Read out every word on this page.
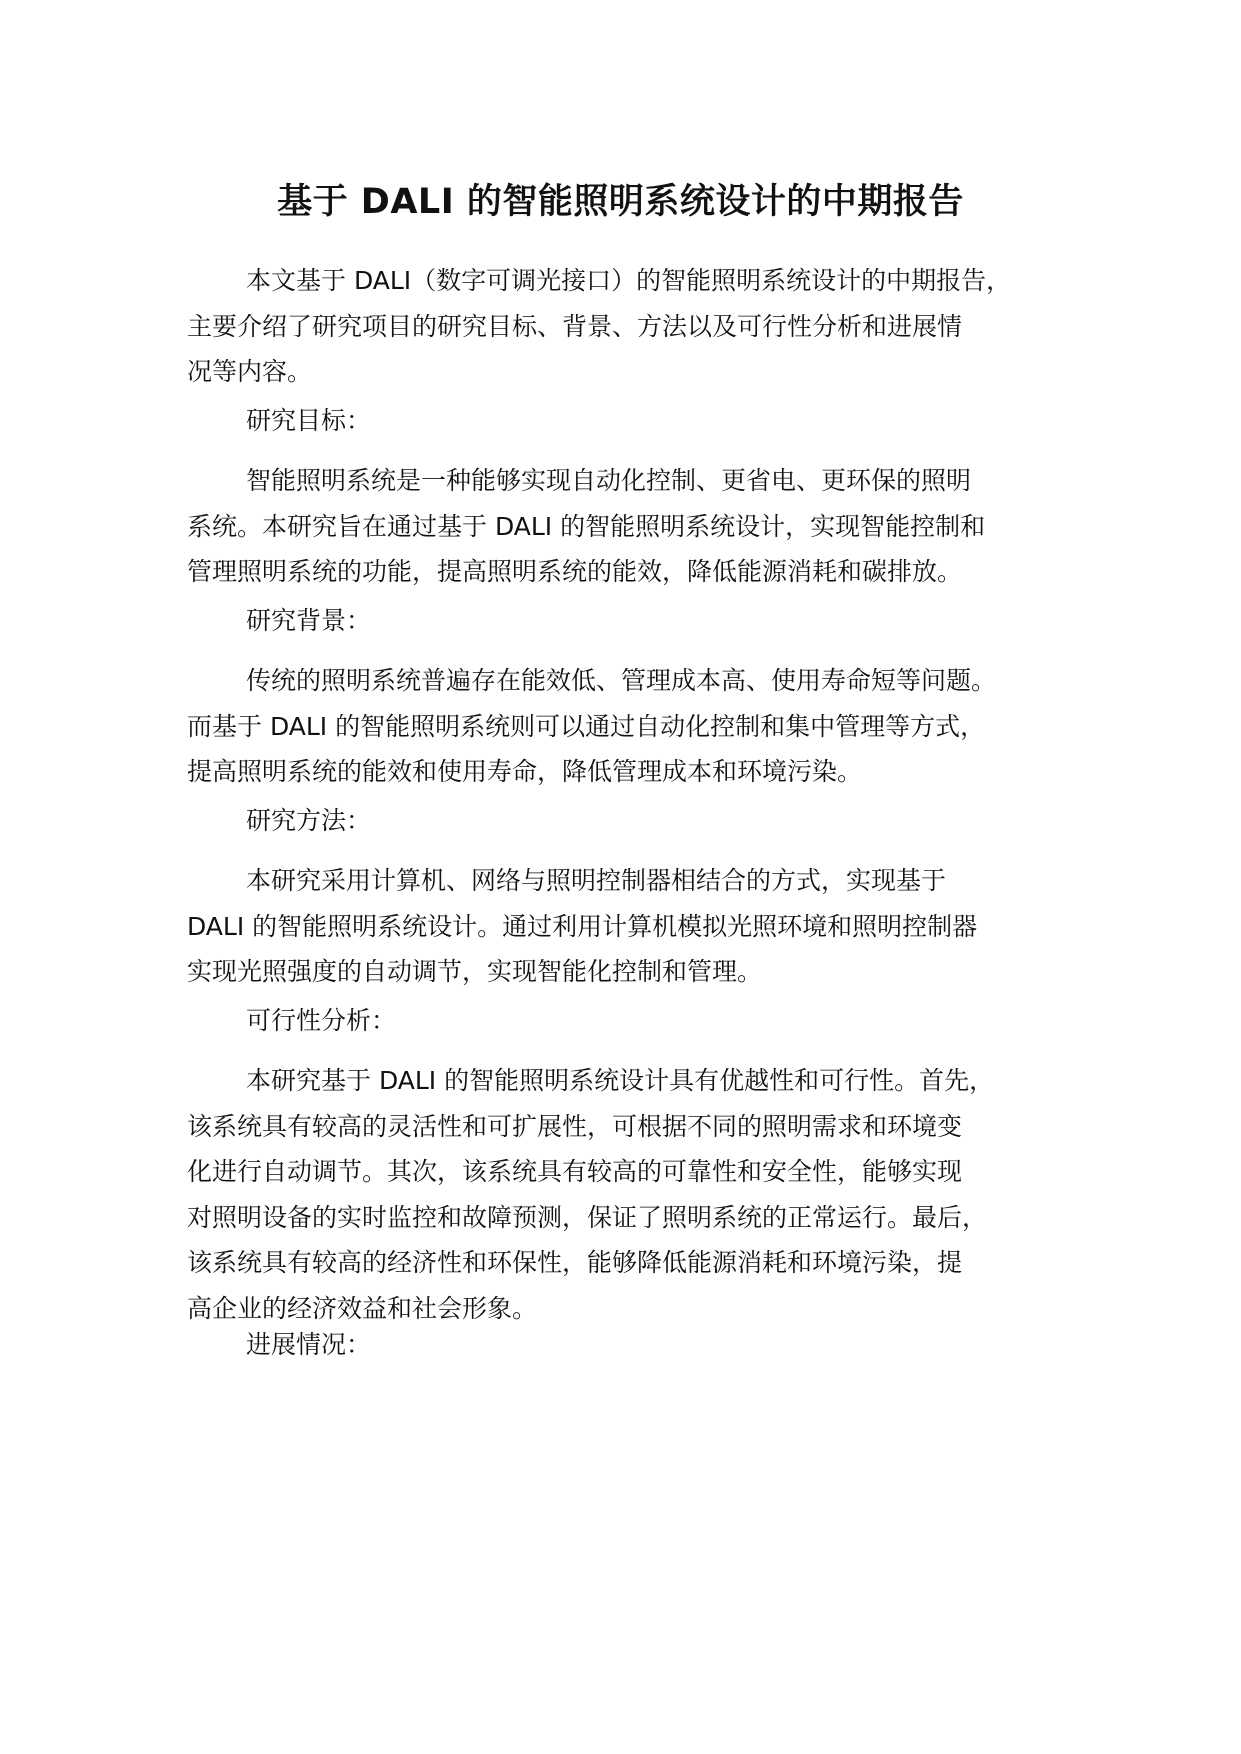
基于 DALI 的智能照明系统设计的中期报告

本文基于 DALI（数字可调光接口）的智能照明系统设计的中期报告，
主要介绍了研究项目的研究目标、背景、方法以及可行性分析和进展情
况等内容。

研究目标：

智能照明系统是一种能够实现自动化控制、更省电、更环保的照明
系统。本研究旨在通过基于 DALI 的智能照明系统设计，实现智能控制和
管理照明系统的功能，提高照明系统的能效，降低能源消耗和碳排放。

研究背景：

传统的照明系统普遍存在能效低、管理成本高、使用寿命短等问题。
而基于 DALI 的智能照明系统则可以通过自动化控制和集中管理等方式，
提高照明系统的能效和使用寿命，降低管理成本和环境污染。

研究方法：

本研究采用计算机、网络与照明控制器相结合的方式，实现基于
DALI 的智能照明系统设计。通过利用计算机模拟光照环境和照明控制器
实现光照强度的自动调节，实现智能化控制和管理。

可行性分析：

本研究基于 DALI 的智能照明系统设计具有优越性和可行性。首先，
该系统具有较高的灵活性和可扩展性，可根据不同的照明需求和环境变
化进行自动调节。其次，该系统具有较高的可靠性和安全性，能够实现
对照明设备的实时监控和故障预测，保证了照明系统的正常运行。最后，
该系统具有较高的经济性和环保性，能够降低能源消耗和环境污染，提
高企业的经济效益和社会形象。

进展情况：
